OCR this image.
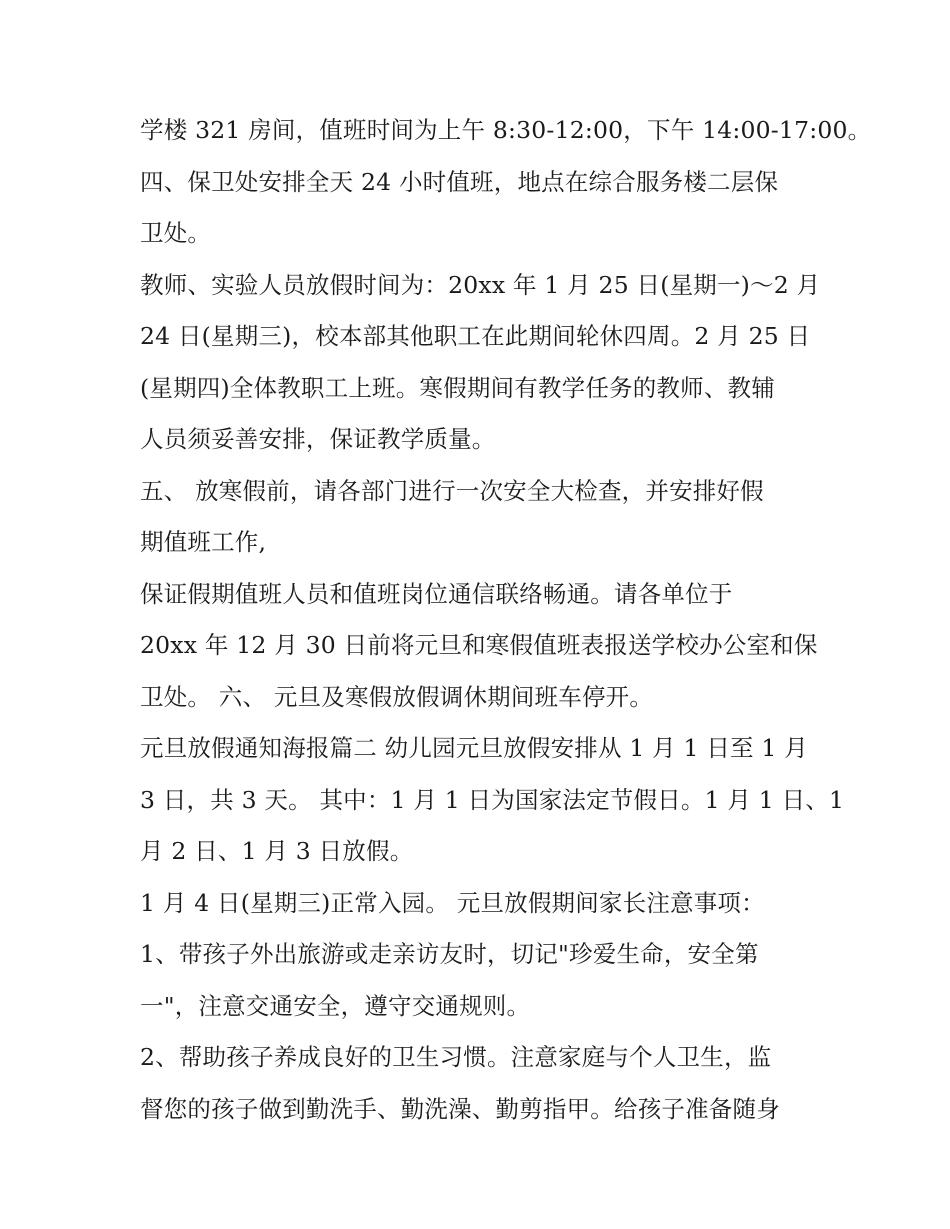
学楼 321 房间，值班时间为上午 8:30-12:00，下午 14:00-17:00。
四、保卫处安排全天 24 小时值班，地点在综合服务楼二层保
卫处。
教师、实验人员放假时间为：20xx 年 1 月 25 日(星期一)～2 月
24 日(星期三)，校本部其他职工在此期间轮休四周。2 月 25 日
(星期四)全体教职工上班。寒假期间有教学任务的教师、教辅
人员须妥善安排，保证教学质量。
五、 放寒假前，请各部门进行一次安全大检查，并安排好假
期值班工作,
保证假期值班人员和值班岗位通信联络畅通。请各单位于
20xx 年 12 月 30 日前将元旦和寒假值班表报送学校办公室和保
卫处。 六、 元旦及寒假放假调休期间班车停开。
元旦放假通知海报篇二 幼儿园元旦放假安排从 1 月 1 日至 1 月
3 日，共 3 天。 其中：1 月 1 日为国家法定节假日。1 月 1 日、1
月 2 日、1 月 3 日放假。
1 月 4 日(星期三)正常入园。 元旦放假期间家长注意事项：
1、带孩子外出旅游或走亲访友时，切记"珍爱生命，安全第
一"，注意交通安全，遵守交通规则。
2、帮助孩子养成良好的卫生习惯。注意家庭与个人卫生，监
督您的孩子做到勤洗手、勤洗澡、勤剪指甲。给孩子准备随身
